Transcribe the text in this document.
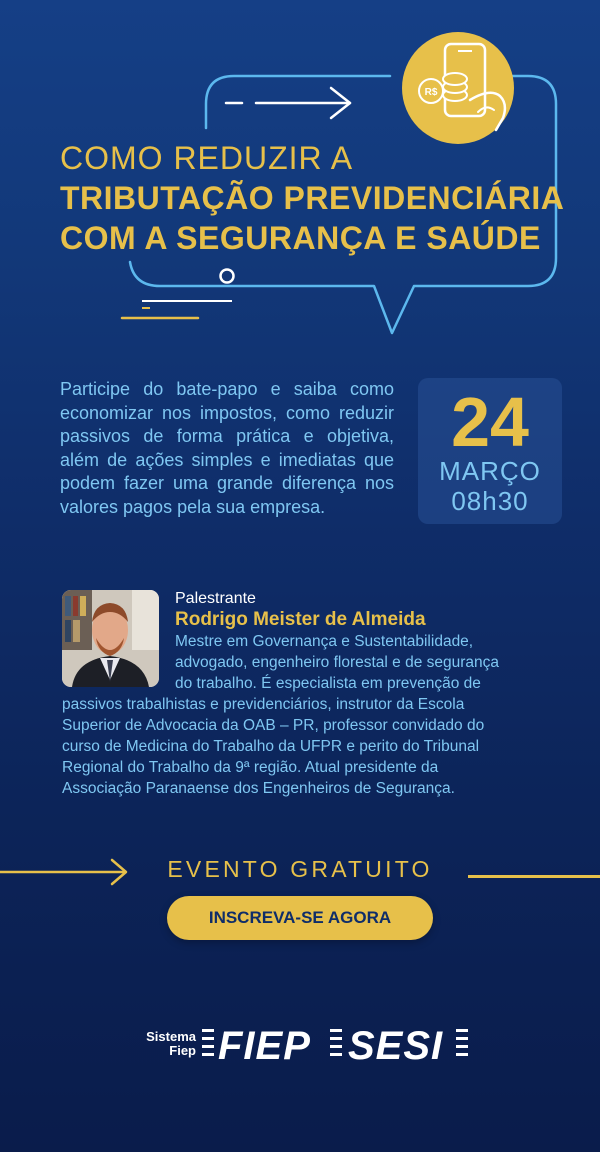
R$
COMO REDUZIR A
TRIBUTAÇÃO PREVIDENCIÁRIA
COM A SEGURANÇA E SAÚDE
Participe do bate-papo e saiba como economizar nos impostos, como reduzir passivos de forma prática e objetiva, além de ações simples e imediatas que podem fazer uma grande diferença nos valores pagos pela sua empresa.
24
MARÇO
08h30
Palestrante
Rodrigo Meister de Almeida
Mestre em Governança e Sustentabilidade,
advogado, engenheiro florestal e de segurança
do trabalho. É especialista em prevenção de
passivos trabalhistas e previdenciários, instrutor da Escola
Superior de Advocacia da OAB – PR, professor convidado do
curso de Medicina do Trabalho da UFPR e perito do Tribunal
Regional do Trabalho da 9ª região. Atual presidente da
Associação Paranaense dos Engenheiros de Segurança.
EVENTO GRATUITO
INSCREVA-SE AGORA
Sistema
Fiep FIEP SESI
